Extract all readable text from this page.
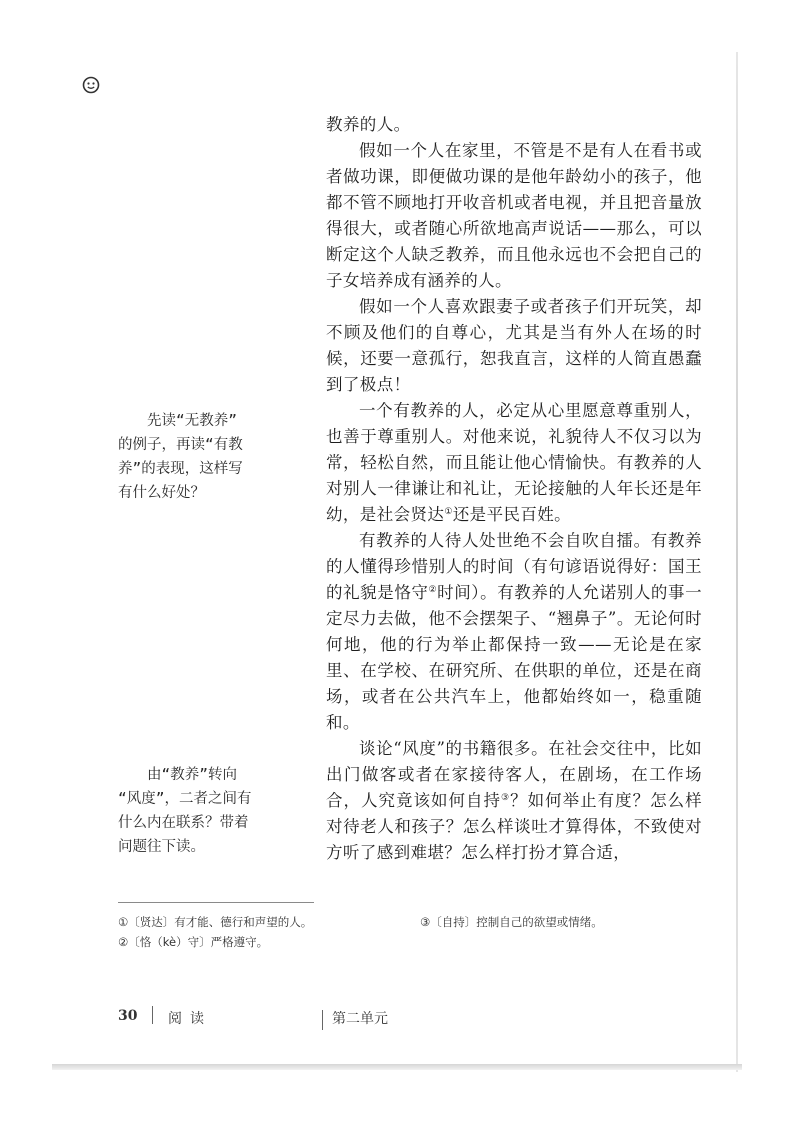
教养的人。

假如一个人在家里，不管是不是有人在看书或者做功课，即便做功课的是他年龄幼小的孩子，他都不管不顾地打开收音机或者电视，并且把音量放得很大，或者随心所欲地高声说话——那么，可以断定这个人缺乏教养，而且他永远也不会把自己的子女培养成有涵养的人。

假如一个人喜欢跟妻子或者孩子们开玩笑，却不顾及他们的自尊心，尤其是当有外人在场的时候，还要一意孤行，恕我直言，这样的人简直愚蠢到了极点！

一个有教养的人，必定从心里愿意尊重别人，也善于尊重别人。对他来说，礼貌待人不仅习以为常，轻松自然，而且能让他心情愉快。有教养的人对别人一律谦让和礼让，无论接触的人年长还是年幼，是社会贤达①还是平民百姓。

有教养的人待人处世绝不会自吹自擂。有教养的人懂得珍惜别人的时间（有句谚语说得好：国王的礼貌是恪守②时间）。有教养的人允诺别人的事一定尽力去做，他不会摆架子、“翘鼻子”。无论何时何地，他的行为举止都保持一致——无论是在家里、在学校、在研究所、在供职的单位，还是在商场，或者在公共汽车上，他都始终如一，稳重随和。

谈论“风度”的书籍很多。在社会交往中，比如出门做客或者在家接待客人，在剧场，在工作场合，人究竟该如何自持③？如何举止有度？怎么样对待老人和孩子？怎么样谈吐才算得体，不致使对方听了感到难堪？怎么样打扮才算合适，

先读“无教养”
的例子，再读“有教
养”的表现，这样写
有什么好处？
由“教养”转向
“风度”，二者之间有
什么内在联系？带着
问题往下读。
①〔贤达〕有才能、德行和声望的人。
②〔恪（kè）守〕严格遵守。
③〔自持〕控制自己的欲望或情绪。
30 阅读	第二单元
